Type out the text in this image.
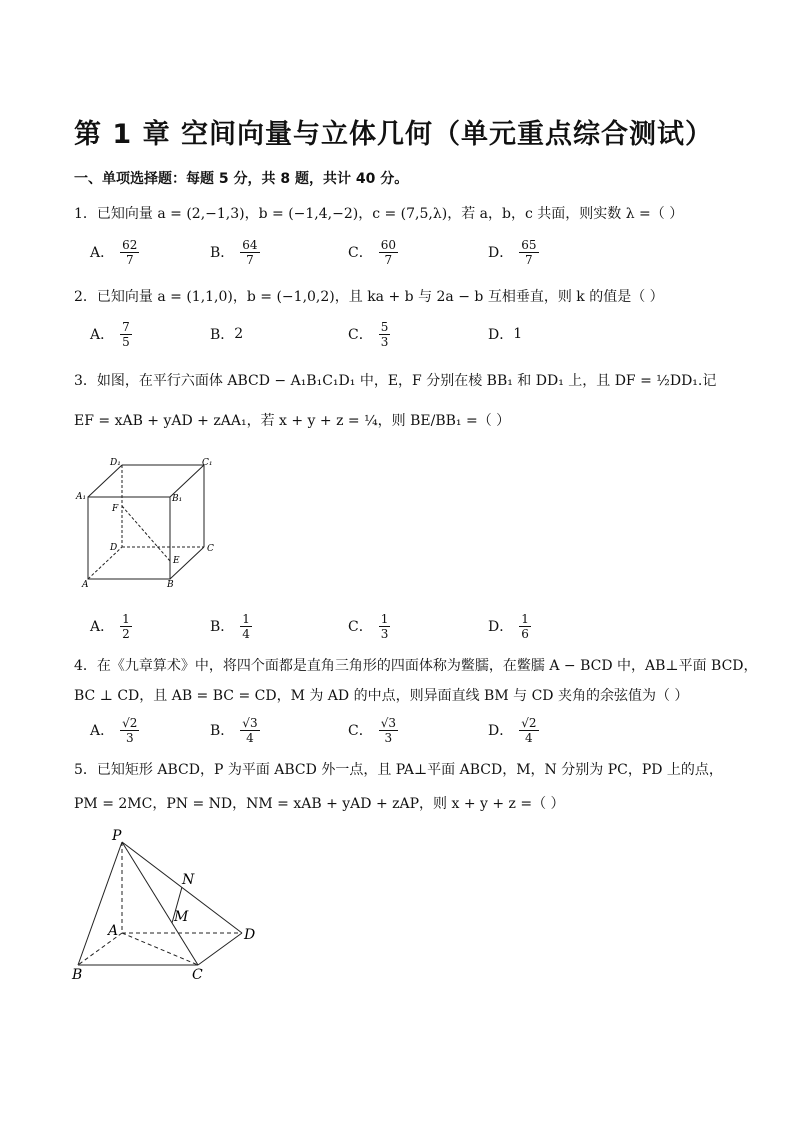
第 1 章 空间向量与立体几何（单元重点综合测试）
一、单项选择题：每题 5 分，共 8 题，共计 40 分。
1．已知向量 a = (2,−1,3)，b = (−1,4,−2)，c = (7,5,λ)，若 a，b，c 共面，则实数 λ =（ ）
A． $\frac{62}{7}$	B． $\frac{64}{7}$	C． $\frac{60}{7}$	D． $\frac{65}{7}$
2．已知向量 a = (1,1,0)，b = (−1,0,2)，且 ka + b 与 2a − b 互相垂直，则 k 的值是（ ）
A． $\frac{7}{5}$	B． 2	C． $\frac{5}{3}$	D． 1
3．如图，在平行六面体 ABCD − A₁B₁C₁D₁ 中，E，F 分别在棱 BB₁ 和 DD₁ 上，且 DF = ½DD₁.记
EF = xAB + yAD + zAA₁，若 x + y + z = ¼，则 BE/BB₁ =（ ）
D₁	C₁
A₁	B₁
F
D	C
E
A	B
A． $\frac{1}{2}$	B． $\frac{1}{4}$	C． $\frac{1}{3}$	D． $\frac{1}{6}$
4．在《九章算术》中，将四个面都是直角三角形的四面体称为鳖臑，在鳖臑 A − BCD 中，AB⊥平面 BCD，
BC ⊥ CD，且 AB = BC = CD，M 为 AD 的中点，则异面直线 BM 与 CD 夹角的余弦值为（ ）
A． $\frac{√2}{3}$	B． $\frac{√3}{4}$	C． $\frac{√3}{3}$	D． $\frac{√2}{4}$
5．已知矩形 ABCD，P 为平面 ABCD 外一点，且 PA⊥平面 ABCD，M，N 分别为 PC，PD 上的点，
PM = 2MC，PN = ND，NM = xAB + yAD + zAP，则 x + y + z =（ ）
P
N
M
A	D
B	C
